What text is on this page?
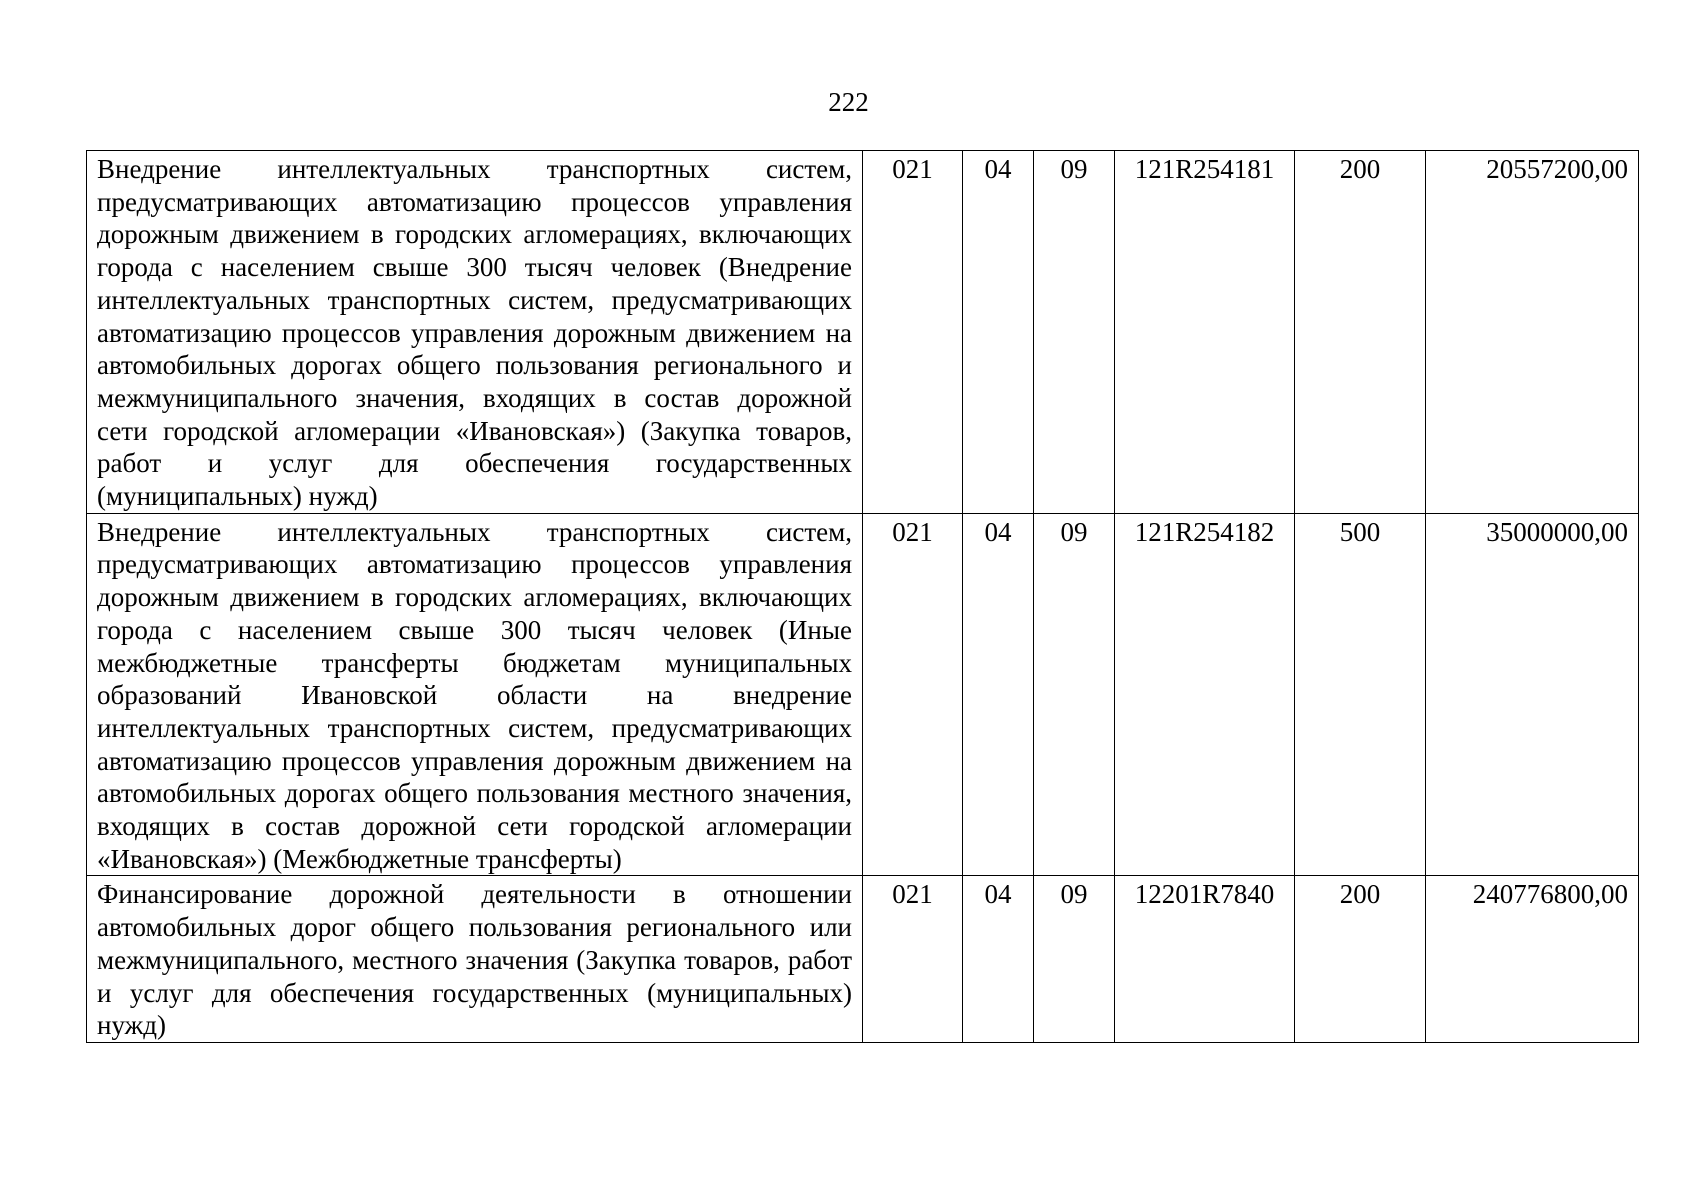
222
Внедрение интеллектуальных транспортных систем, предусматривающих автоматизацию процессов управления дорожным движением в городских агломерациях, включающих города с населением свыше 300 тысяч человек (Внедрение интеллектуальных транспортных систем, предусматривающих автоматизацию процессов управления дорожным движением на автомобильных дорогах общего пользования регионального и межмуниципального значения, входящих в состав дорожной сети городской агломерации «Ивановская») (Закупка товаров, работ и услуг для обеспечения государственных (муниципальных) нужд)	021	04	09	121R254181	200	20557200,00
Внедрение интеллектуальных транспортных систем, предусматривающих автоматизацию процессов управления дорожным движением в городских агломерациях, включающих города с населением свыше 300 тысяч человек (Иные межбюджетные трансферты бюджетам муниципальных образований Ивановской области на внедрение интеллектуальных транспортных систем, предусматривающих автоматизацию процессов управления дорожным движением на автомобильных дорогах общего пользования местного значения, входящих в состав дорожной сети городской агломерации «Ивановская») (Межбюджетные трансферты)	021	04	09	121R254182	500	35000000,00
Финансирование дорожной деятельности в отношении автомобильных дорог общего пользования регионального или межмуниципального, местного значения (Закупка товаров, работ и услуг для обеспечения государственных (муниципальных) нужд)	021	04	09	12201R7840	200	240776800,00
